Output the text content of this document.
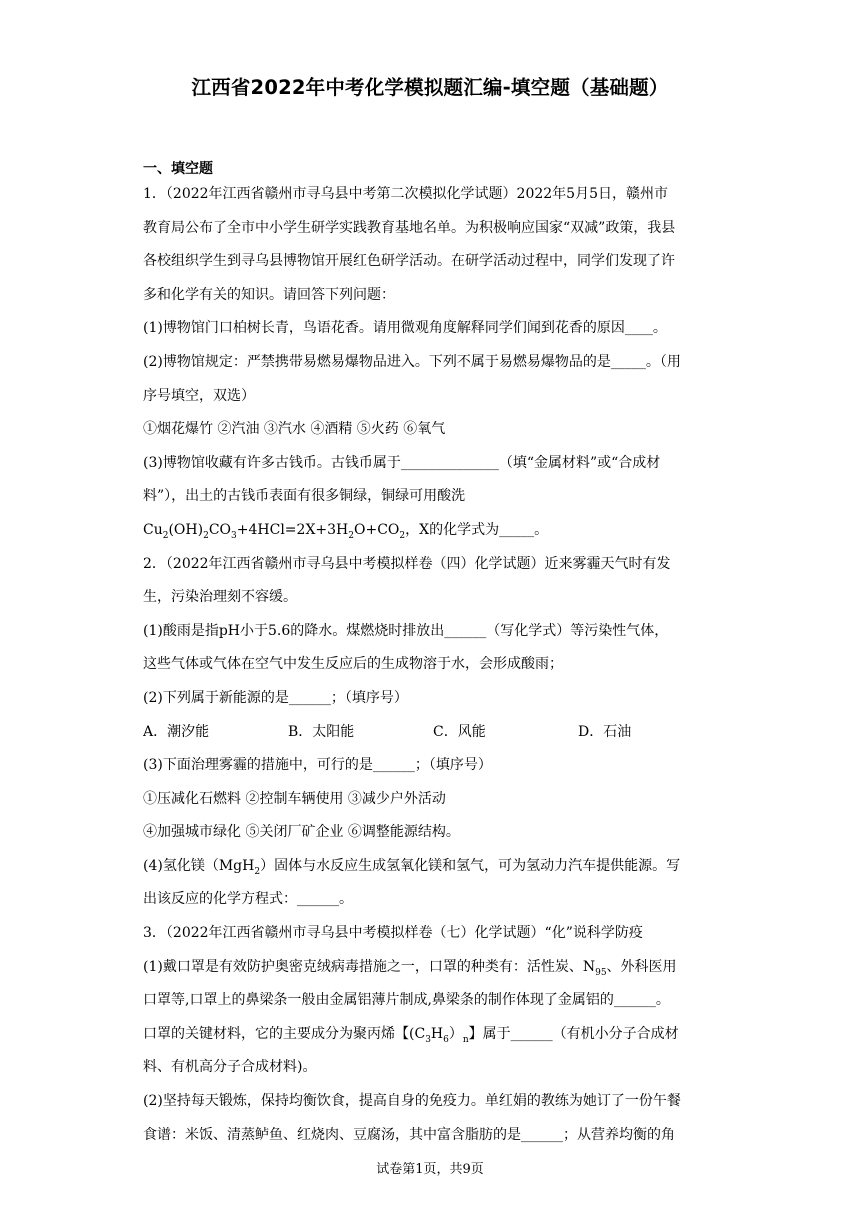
江西省2022年中考化学模拟题汇编-填空题（基础题）
一、填空题
1．（2022年江西省赣州市寻乌县中考第二次模拟化学试题）2022年5月5日，赣州市
教育局公布了全市中小学生研学实践教育基地名单。为积极响应国家“双减”政策，我县
各校组织学生到寻乌县博物馆开展红色研学活动。在研学活动过程中，同学们发现了许
多和化学有关的知识。请回答下列问题：
(1)博物馆门口柏树长青，鸟语花香。请用微观角度解释同学们闻到花香的原因____。
(2)博物馆规定：严禁携带易燃易爆物品进入。下列不属于易燃易爆物品的是_____。（用
序号填空，双选）
①烟花爆竹 ②汽油 ③汽水 ④酒精 ⑤火药 ⑥氧气
(3)博物馆收藏有许多古钱币。古钱币属于______________（填“金属材料”或“合成材
料”），出土的古钱币表面有很多铜绿，铜绿可用酸洗
$Cu_2(OH)_2CO_3+4HCl=2X+3H_2O+CO_2$，X的化学式为_____。
2．（2022年江西省赣州市寻乌县中考模拟样卷（四）化学试题）近来雾霾天气时有发
生，污染治理刻不容缓。
(1)酸雨是指pH小于5.6的降水。煤燃烧时排放出______（写化学式）等污染性气体，
这些气体或气体在空气中发生反应后的生成物溶于水，会形成酸雨；
(2)下列属于新能源的是______；（填序号）
A．潮汐能	B．太阳能	C．风能	D．石油
(3)下面治理雾霾的措施中，可行的是______；（填序号）
①压减化石燃料 ②控制车辆使用 ③减少户外活动
④加强城市绿化 ⑤关闭厂矿企业 ⑥调整能源结构。
(4)氢化镁（MgH$_2$）固体与水反应生成氢氧化镁和氢气，可为氢动力汽车提供能源。写
出该反应的化学方程式：______。
3．（2022年江西省赣州市寻乌县中考模拟样卷（七）化学试题）“化”说科学防疫
(1)戴口罩是有效防护奥密克绒病毒措施之一，口罩的种类有：活性炭、$N_{95}$、外科医用
口罩等,口罩上的鼻梁条一般由金属铝薄片制成,鼻梁条的制作体现了金属铝的______。
口罩的关键材料，它的主要成分为聚丙烯【$(C_3H_6)_n$】属于______（有机小分子合成材
料、有机高分子合成材料)。
(2)坚持每天锻炼，保持均衡饮食，提高自身的免疫力。单红娟的教练为她订了一份午餐
食谱：米饭、清蒸鲈鱼、红烧肉、豆腐汤，其中富含脂肪的是______；从营养均衡的角
试卷第1页，共9页
